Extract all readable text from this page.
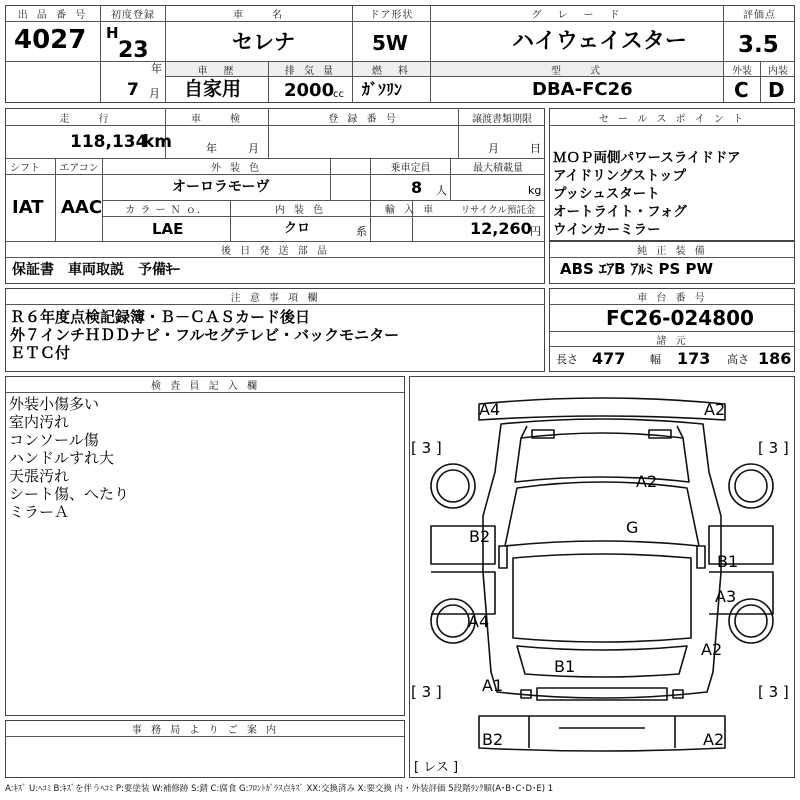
出 品 番 号
4027
初度登録
H
23
年
7 月
車　　名
セレナ
車　歴
自家用
排 気 量
2000
cc
ドア形状
5W
燃　料
ｶﾞｿﾘﾝ
グ　レ　ー　ド
ハイウェイスター
型　　式
DBA-FC26
評価点
3.5
外装	内装
C D
走　　行
118,134
km
車　　検
年	月
登 録 番 号	譲渡書類期限
月	日
シフト
IAT
エアコン
AAC
外 装 色
オーロラモーヴ
乗車定員
8 人
最大積載量
kg
カ ラ ー Ｎ ｏ．
LAE
内 装 色
クロ	系
輸 入 車	リサイクル預託金
12,260
円
後 日 発 送 部 品
保証書　車両取説　予備ｷｰ
セ ー ル ス ポ イ ン ト
ＭＯＰ両側パワースライドドア
アイドリングストップ
プッシュスタート
オートライト・フォグ
ウインカーミラー
純 正 装 備
ABS ｴｱB ｱﾙﾐ PS PW
注 意 事 項 欄
Ｒ６年度点検記録簿・Ｂ－ＣＡＳカード後日
外７インチＨＤＤナビ・フルセグテレビ・バックモニター
ＥＴＣ付
車 台 番 号
FC26-024800
諸 元
長さ 477 幅 173 高さ 186
検 査 員 記 入 欄
外装小傷多い
室内汚れ
コンソール傷
ハンドルすれ大
天張汚れ
シート傷、へたり
ミラーＡ
事 務 局 よ り ご 案 内
[ 3 ]	[ 3 ]
[ 3 ]	[ 3 ]
[ レス ]
A4	A2
A2
G
B2
B1
A3
A4
A2
B1
A1
B2	A2
A:ｷｽﾞ U:ﾍｺﾐ B:ｷｽﾞを伴うﾍｺﾐ P:要塗装 W:補修跡 S:錆 C:腐食 G:ﾌﾛﾝﾄｶﾞﾗｽ点ｷｽﾞ XX:交換済み X:要交換 内・外装評価 5段階ﾗﾝｸ順(A･B･C･D･E) 1
